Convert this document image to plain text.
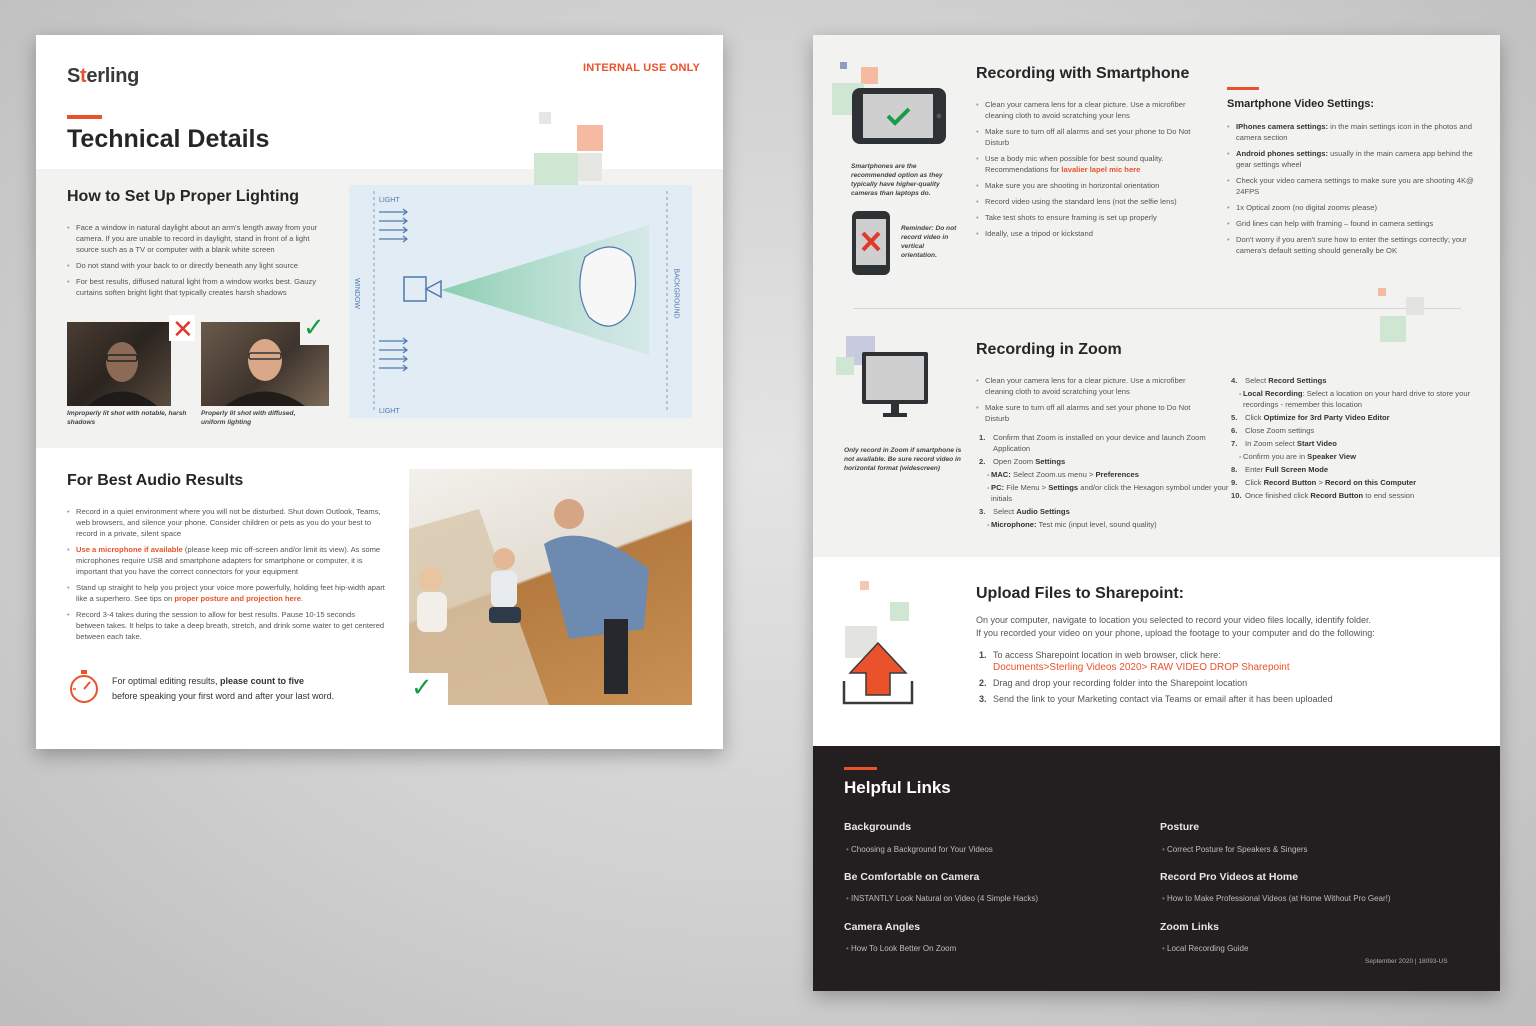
Sterling	INTERNAL USE ONLY
Technical Details
How to Set Up Proper Lighting
• Face a window in natural daylight about an arm's length away from your camera. If you are unable to record in daylight, stand in front of a light source such as a TV or computer with a blank white screen
• Do not stand with your back to or directly beneath any light source
• For best results, diffused natural light from a window works best. Gauzy curtains soften bright light that typically creates harsh shadows
✕	✓
Improperly lit shot with notable, harsh shadows
Properly lit shot with diffused, uniform lighting
LIGHT
LIGHT
WINDOW	BACKGROUND
For Best Audio Results
• Record in a quiet environment where you will not be disturbed. Shut down Outlook, Teams, web browsers, and silence your phone. Consider children or pets as you do your best to record in a private, silent space
• Use a microphone if available (please keep mic off-screen and/or limit its view). As some microphones require USB and smartphone adapters for smartphone or computer, it is important that you have the correct connectors for your equipment
• Stand up straight to help you project your voice more powerfully, holding feet hip-width apart like a superhero. See tips on proper posture and projection here.
• Record 3-4 takes during the session to allow for best results. Pause 10-15 seconds between takes. It helps to take a deep breath, stretch, and drink some water to get centered between each take.
For optimal editing results, please count to five
before speaking your first word and after your last word.	✓
Smartphones are the recommended option as they typically have higher-quality cameras than laptops do.
Reminder: Do not record video in vertical orientation.
Recording with Smartphone
• Clean your camera lens for a clear picture. Use a microfiber cleaning cloth to avoid scratching your lens
• Make sure to turn off all alarms and set your phone to Do Not Disturb
• Use a body mic when possible for best sound quality. Recommendations for lavalier lapel mic here
• Make sure you are shooting in horizontal orientation
• Record video using the standard lens (not the selfie lens)
• Take test shots to ensure framing is set up properly
• Ideally, use a tripod or kickstand
Smartphone Video Settings:
• IPhones camera settings: in the main settings icon in the photos and camera section
• Android phones settings: usually in the main camera app behind the gear settings wheel
• Check your video camera settings to make sure you are shooting 4K@ 24FPS
• 1x Optical zoom (no digital zooms please)
• Grid lines can help with framing – found in camera settings
• Don't worry if you aren't sure how to enter the settings correctly; your camera's default setting should generally be OK
Only record in Zoom if smartphone is not available. Be sure record video in horizontal format (widescreen)
Recording in Zoom
• Clean your camera lens for a clear picture. Use a microfiber cleaning cloth to avoid scratching your lens
• Make sure to turn off all alarms and set your phone to Do Not Disturb
1. Confirm that Zoom is installed on your device and launch Zoom Application
2. Open Zoom Settings
- MAC: Select Zoom.us menu > Preferences
- PC: File Menu > Settings and/or click the Hexagon symbol under your initials
3. Select Audio Settings
- Microphone: Test mic (input level, sound quality)
4. Select Record Settings
- Local Recording: Select a location on your hard drive to store your recordings - remember this location
5. Click Optimize for 3rd Party Video Editor
6. Close Zoom settings
7. In Zoom select Start Video
- Confirm you are in Speaker View
8. Enter Full Screen Mode
9. Click Record Button > Record on this Computer
10. Once finished click Record Button to end session
Upload Files to Sharepoint:
On your computer, navigate to location you selected to record your video files locally, identify folder.
If you recorded your video on your phone, upload the footage to your computer and do the following:
1. To access Sharepoint location in web browser, click here:
Documents>Sterling Videos 2020> RAW VIDEO DROP Sharepoint
2. Drag and drop your recording folder into the Sharepoint location
3. Send the link to your Marketing contact via Teams or email after it has been uploaded
Helpful Links
Backgrounds
• Choosing a Background for Your Videos
Be Comfortable on Camera
• INSTANTLY Look Natural on Video (4 Simple Hacks)
Camera Angles
• How To Look Better On Zoom
Posture
• Correct Posture for Speakers & Singers
Record Pro Videos at Home
• How to Make Professional Videos (at Home Without Pro Gear!)
Zoom Links
• Local Recording Guide
September 2020 | 18093-US
